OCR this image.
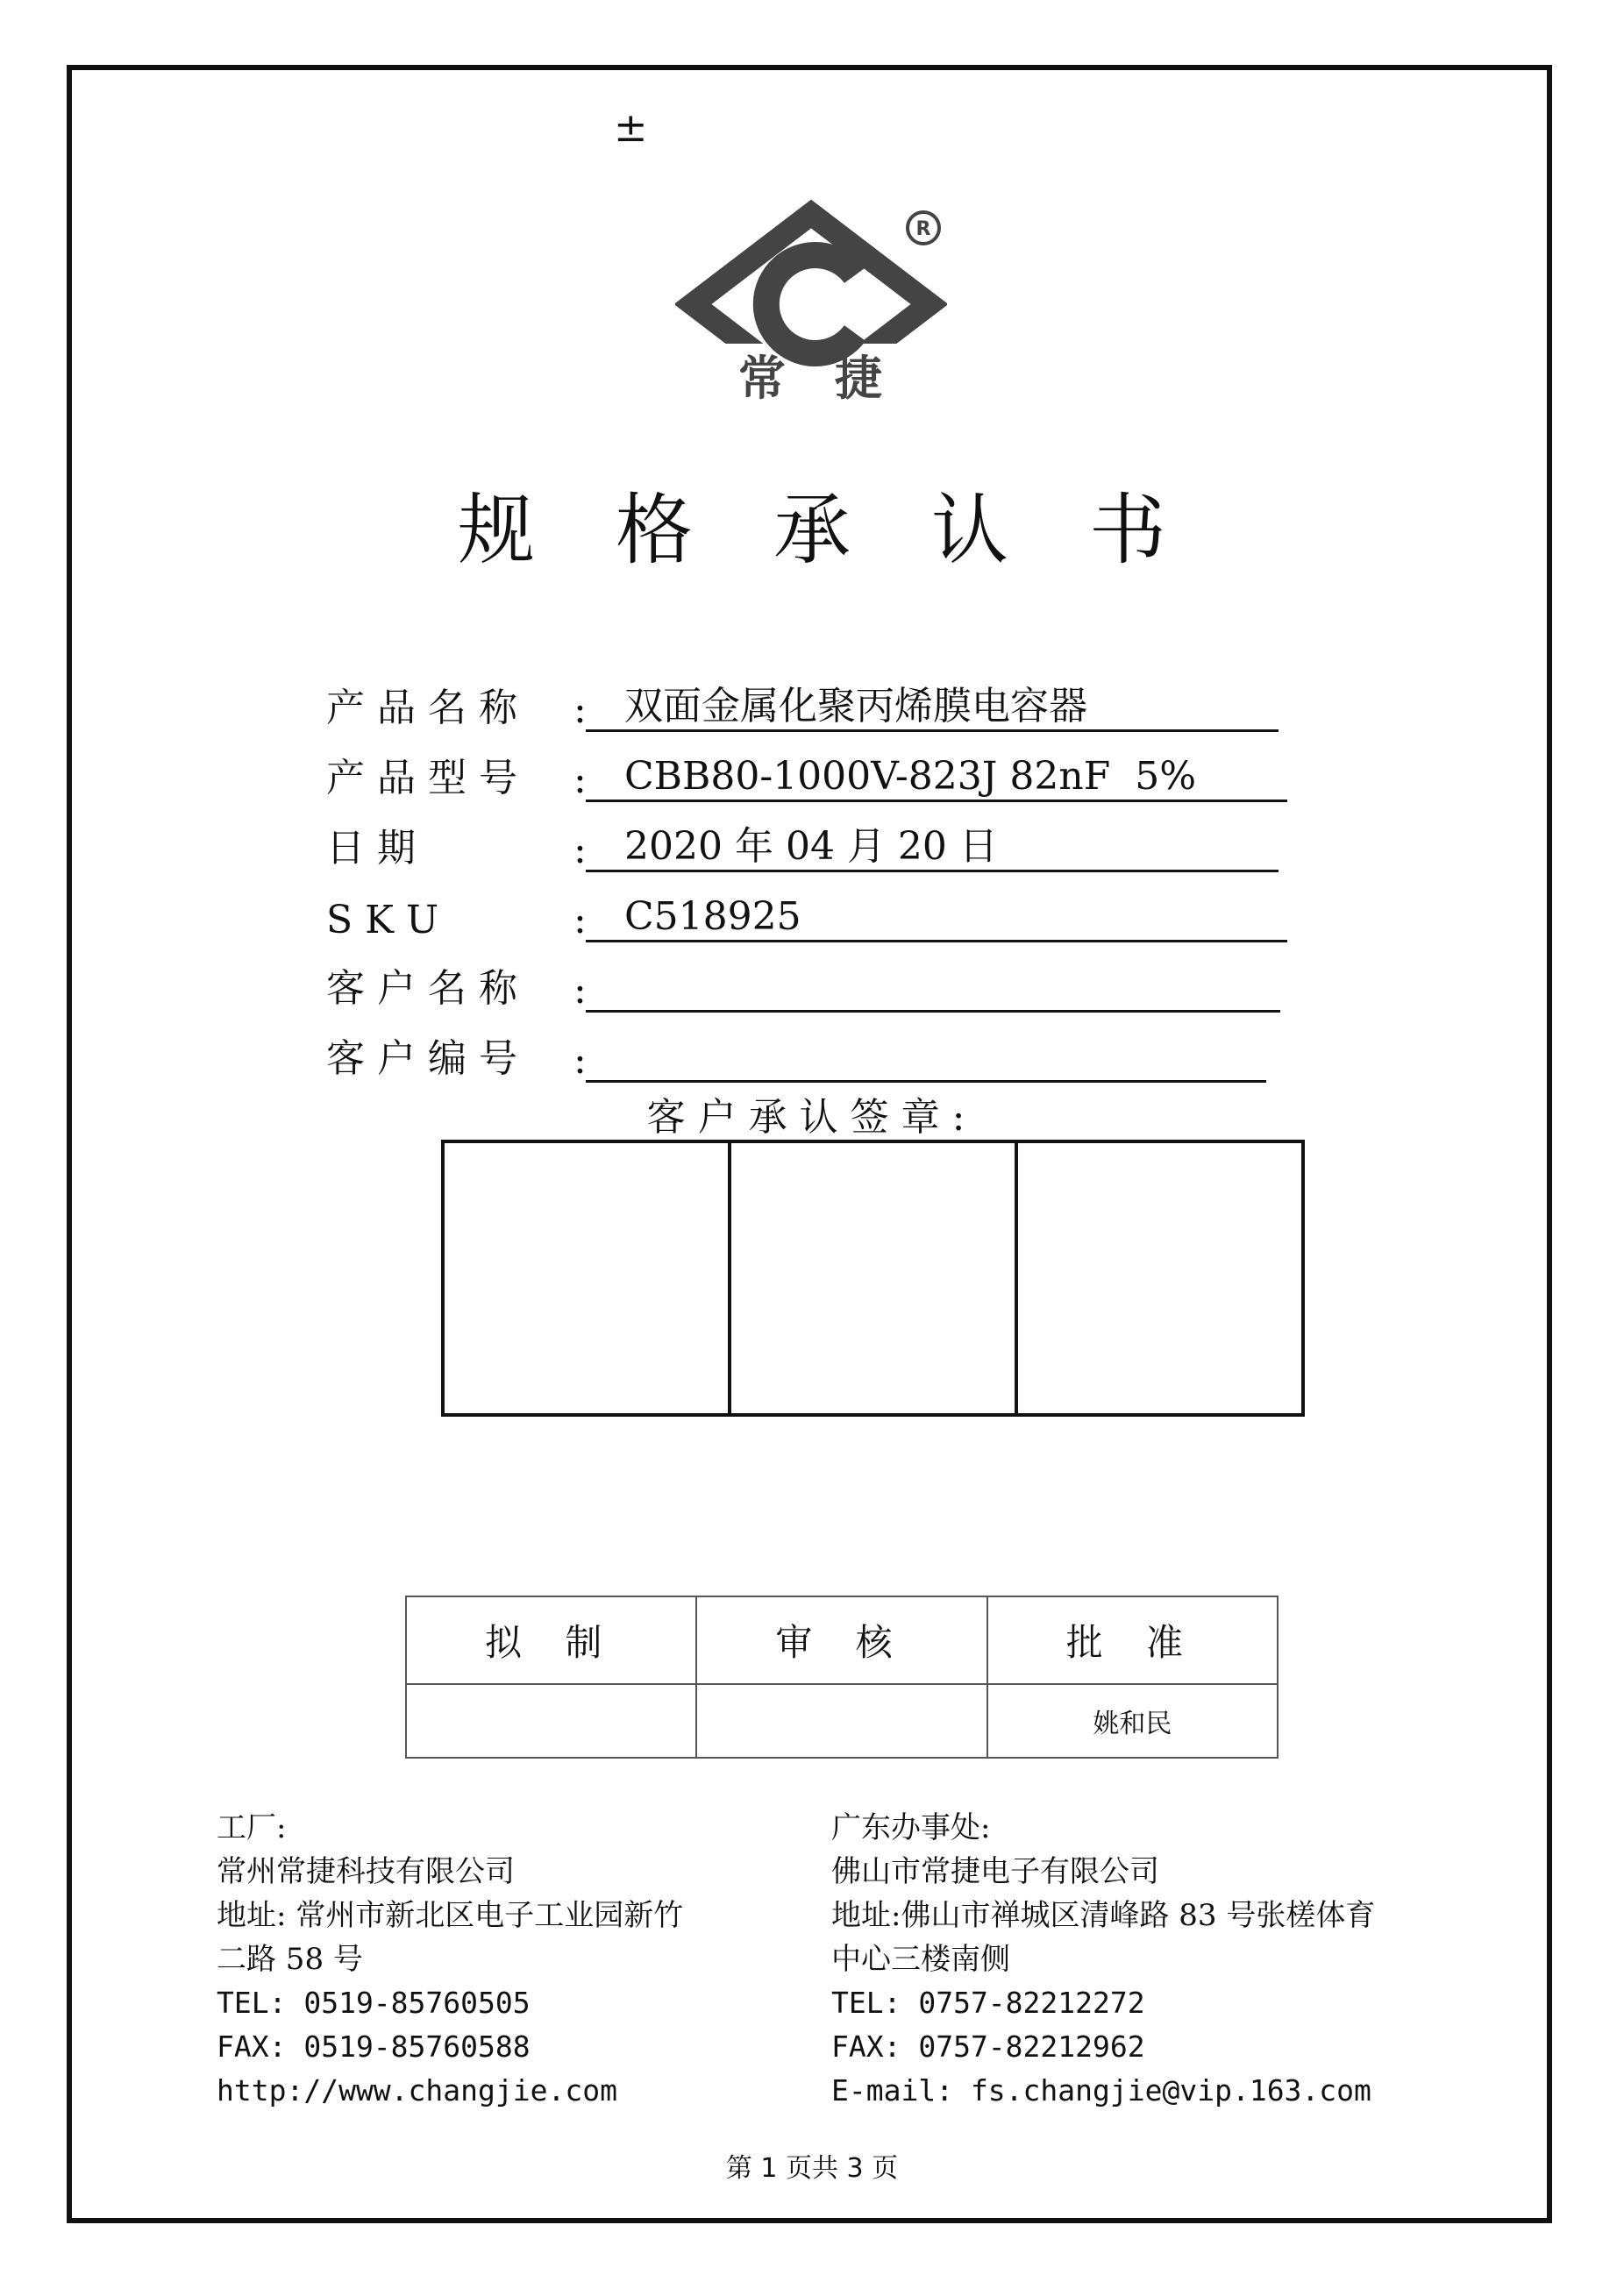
±
R
常 捷
规格承认书
产 品 名 称	: 双面金属化聚丙烯膜电容器
产 品 型 号	: CBB80-1000V-823J 82nF  5%
日 期	: 2020 年 04 月 20 日
S K U	: C518925
客 户 名 称	:
客 户 编 号	:
客户承认签章:
拟 制	审 核	批 准
		姚和民
工厂:
常州常捷科技有限公司
地址: 常州市新北区电子工业园新竹
二路 58 号
TEL: 0519-85760505
FAX: 0519-85760588
http://www.changjie.com
广东办事处:
佛山市常捷电子有限公司
地址:佛山市禅城区清峰路 83 号张槎体育
中心三楼南侧
TEL: 0757-82212272
FAX: 0757-82212962
E-mail: fs.changjie@vip.163.com
第 1 页共 3 页
